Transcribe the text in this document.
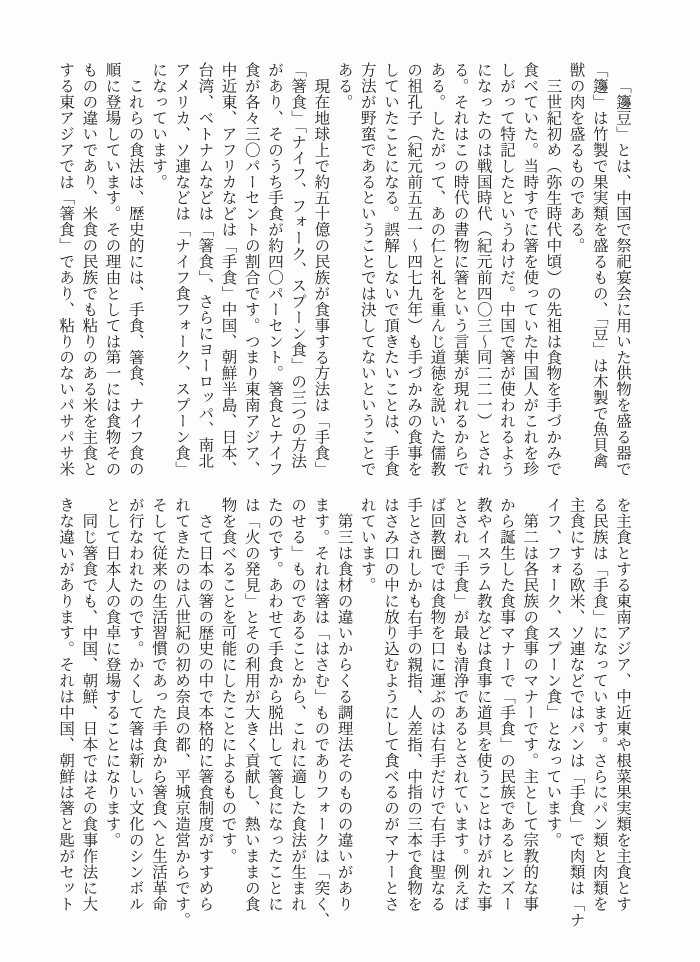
「籩豆」とは、中国で祭祀宴会に用いた供物を盛る器で
「籩」は竹製で果実類を盛るもの、「豆」は木製で魚貝禽
獣の肉を盛るものである。
三世紀初め（弥生時代中頃）の先祖は食物を手づかみで
食べていた。当時すでに箸を使っていた中国人がこれを珍
しがって特記したというわけだ。中国で箸が使われるよう
になったのは戦国時代（紀元前四〇三～同二二一）とされ
る。それはこの時代の書物に箸という言葉が現れるからで
ある。したがって、あの仁と礼を重んじ道徳を説いた儒教
の祖孔子（紀元前五五一～四七九年）も手づかみの食事を
していたことになる。誤解しないで頂きたいことは、手食
方法が野蛮であるということでは決してないということで
ある。
現在地球上で約五十億の民族が食事する方法は「手食」
「箸食」「ナイフ、フォーク、スプーン食」の三つの方法
があり、そのうち手食が約四〇パーセント。箸食とナイフ
食が各々三〇パーセントの割合です。つまり東南アジア、
中近東、アフリカなどは「手食」中国、朝鮮半島、日本、
台湾、ベトナムなどは「箸食」、さらにヨーロッパ、南北
アメリカ、ソ連などは「ナイフ食フォーク、スプーン食」
になっています。
これらの食法は、歴史的には、手食、箸食、ナイフ食の
順に登場しています。その理由としては第一には食物その
ものの違いであり、米食の民族でも粘りのある米を主食と
する東アジアでは「箸食」であり、粘りのないパサパサ米
を主食とする東南アジア、中近東や根菜果実類を主食とす
る民族は「手食」になっています。さらにパン類と肉類を
主食にする欧米、ソ連などではパンは「手食」で肉類は「ナ
イフ、フォーク、スプーン食」となっています。
第二は各民族の食事のマナーです。主として宗教的な事
から誕生した食事マナーで「手食」の民族であるヒンズー
教やイスラム教などは食事に道具を使うことはけがれた事
とされ「手食」が最も清浄であるとされています。例えば
ば回教圏では食物を口に運ぶのは右手だけで右手は聖なる
手とされしかも右手の親指、人差指、中指の三本で食物を
はさみ口の中に放り込むようにして食べるのがマナーとさ
れています。
第三は食材の違いからくる調理法そのものの違いがあり
ます。それは箸は「はさむ」ものでありフォークは「突く、
のせる」ものであることから、これに適した食法が生まれ
たのです。あわせて手食から脱出して箸食になったことに
は「火の発見」とその利用が大きく貢献し、熱いままの食
物を食べることを可能にしたことによるものです。
さて日本の箸の歴史の中で本格的に箸食制度がすすめら
れてきたのは八世紀の初め奈良の都、平城京造営からです。
そして従来の生活習慣であった手食から箸食へと生活革命
が行なわれたのです。かくして箸は新しい文化のシンボル
として日本人の食卓に登場することになります。
同じ箸食でも、中国、朝鮮、日本ではその食事作法に大
きな違いがあります。それは中国、朝鮮は箸と匙がセット
